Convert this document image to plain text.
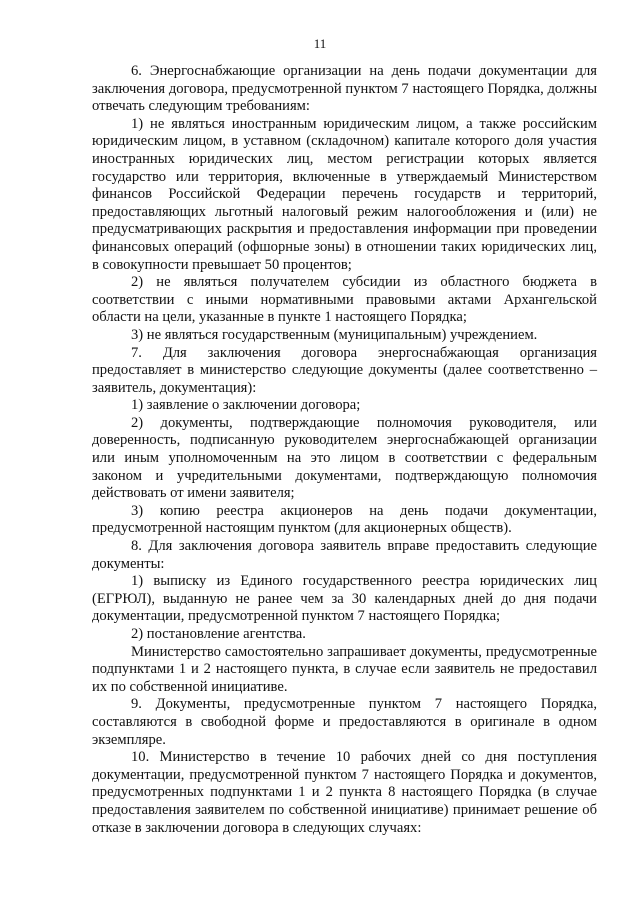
11

6. Энергоснабжающие организации на день подачи документации для заключения договора, предусмотренной пунктом 7 настоящего Порядка, должны отвечать следующим требованиям:

1) не являться иностранным юридическим лицом, а также российским юридическим лицом, в уставном (складочном) капитале которого доля участия иностранных юридических лиц, местом регистрации которых является государство или территория, включенные в утверждаемый Министерством финансов Российской Федерации перечень государств и территорий, предоставляющих льготный налоговый режим налогообложения и (или) не предусматривающих раскрытия и предоставления информации при проведении финансовых операций (офшорные зоны) в отношении таких юридических лиц, в совокупности превышает 50 процентов;

2) не являться получателем субсидии из областного бюджета в соответствии с иными нормативными правовыми актами Архангельской области на цели, указанные в пункте 1 настоящего Порядка;

3) не являться государственным (муниципальным) учреждением.

7. Для заключения договора энергоснабжающая организация предоставляет в министерство следующие документы (далее соответственно – заявитель, документация):

1) заявление о заключении договора;

2) документы, подтверждающие полномочия руководителя, или доверенность, подписанную руководителем энергоснабжающей организации или иным уполномоченным на это лицом в соответствии с федеральным законом и учредительными документами, подтверждающую полномочия действовать от имени заявителя;

3) копию реестра акционеров на день подачи документации, предусмотренной настоящим пунктом (для акционерных обществ).

8. Для заключения договора заявитель вправе предоставить следующие документы:

1) выписку из Единого государственного реестра юридических лиц (ЕГРЮЛ), выданную не ранее чем за 30 календарных дней до дня подачи документации, предусмотренной пунктом 7 настоящего Порядка;

2) постановление агентства.

Министерство самостоятельно запрашивает документы, предусмотренные подпунктами 1 и 2 настоящего пункта, в случае если заявитель не предоставил их по собственной инициативе.

9. Документы, предусмотренные пунктом 7 настоящего Порядка, составляются в свободной форме и предоставляются в оригинале в одном экземпляре.

10. Министерство в течение 10 рабочих дней со дня поступления документации, предусмотренной пунктом 7 настоящего Порядка и документов, предусмотренных подпунктами 1 и 2 пункта 8 настоящего Порядка (в случае предоставления заявителем по собственной инициативе) принимает решение об отказе в заключении договора в следующих случаях:
